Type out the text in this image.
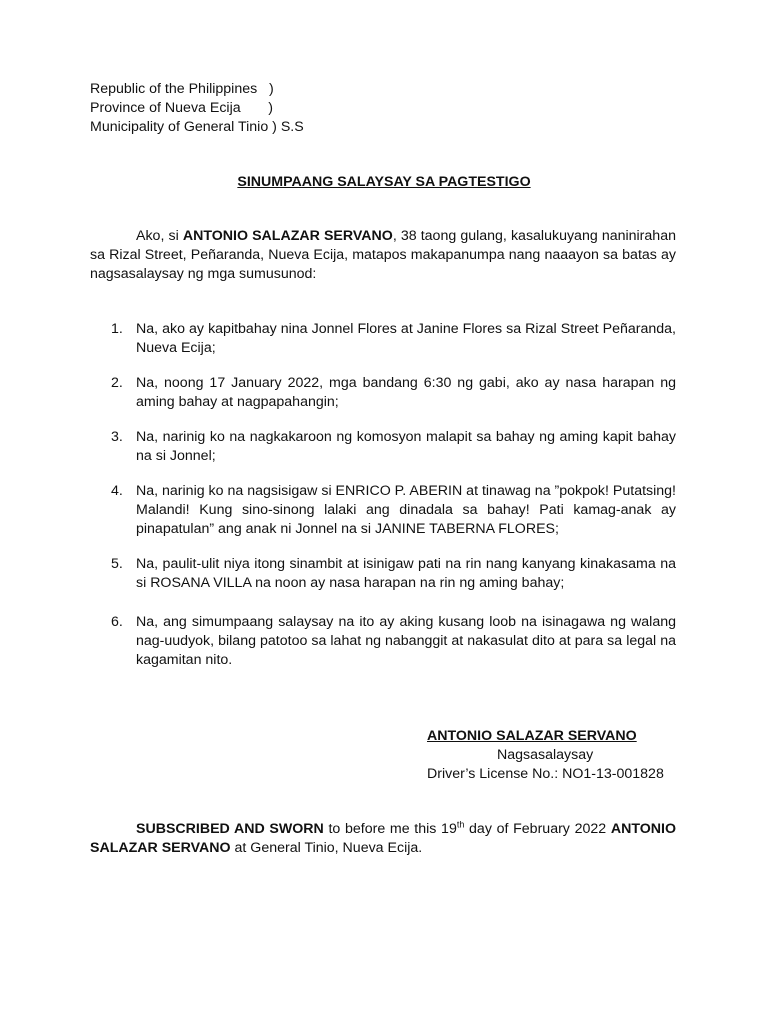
Republic of the Philippines   )
Province of Nueva Ecija       )
Municipality of General Tinio ) S.S
SINUMPAANG SALAYSAY SA PAGTESTIGO
Ako, si ANTONIO SALAZAR SERVANO, 38 taong gulang, kasalukuyang naninirahan sa Rizal Street, Peñaranda, Nueva Ecija, matapos makapanumpa nang naaayon sa batas ay nagsasalaysay ng mga sumusunod:
1. Na, ako ay kapitbahay nina Jonnel Flores at Janine Flores sa Rizal Street Peñaranda, Nueva Ecija;
2. Na, noong 17 January 2022, mga bandang 6:30 ng gabi, ako ay nasa harapan ng aming bahay at nagpapahangin;
3. Na, narinig ko na nagkakaroon ng komosyon malapit sa bahay ng aming kapit bahay na si Jonnel;
4. Na, narinig ko na nagsisigaw si ENRICO P. ABERIN at tinawag na ”pokpok! Putatsing! Malandi! Kung sino-sinong lalaki ang dinadala sa bahay! Pati kamag-anak ay pinapatulan” ang anak ni Jonnel na si JANINE TABERNA FLORES;
5. Na, paulit-ulit niya itong sinambit at isinigaw pati na rin nang kanyang kinakasama na si ROSANA VILLA na noon ay nasa harapan na rin ng aming bahay;
6. Na, ang simumpaang salaysay na ito ay aking kusang loob na isinagawa ng walang nag-uudyok, bilang patotoo sa lahat ng nabanggit at nakasulat dito at para sa legal na kagamitan nito.
ANTONIO SALAZAR SERVANO
Nagsasalaysay
Driver’s License No.: NO1-13-001828
SUBSCRIBED AND SWORN to before me this 19th day of February 2022 ANTONIO SALAZAR SERVANO at General Tinio, Nueva Ecija.
